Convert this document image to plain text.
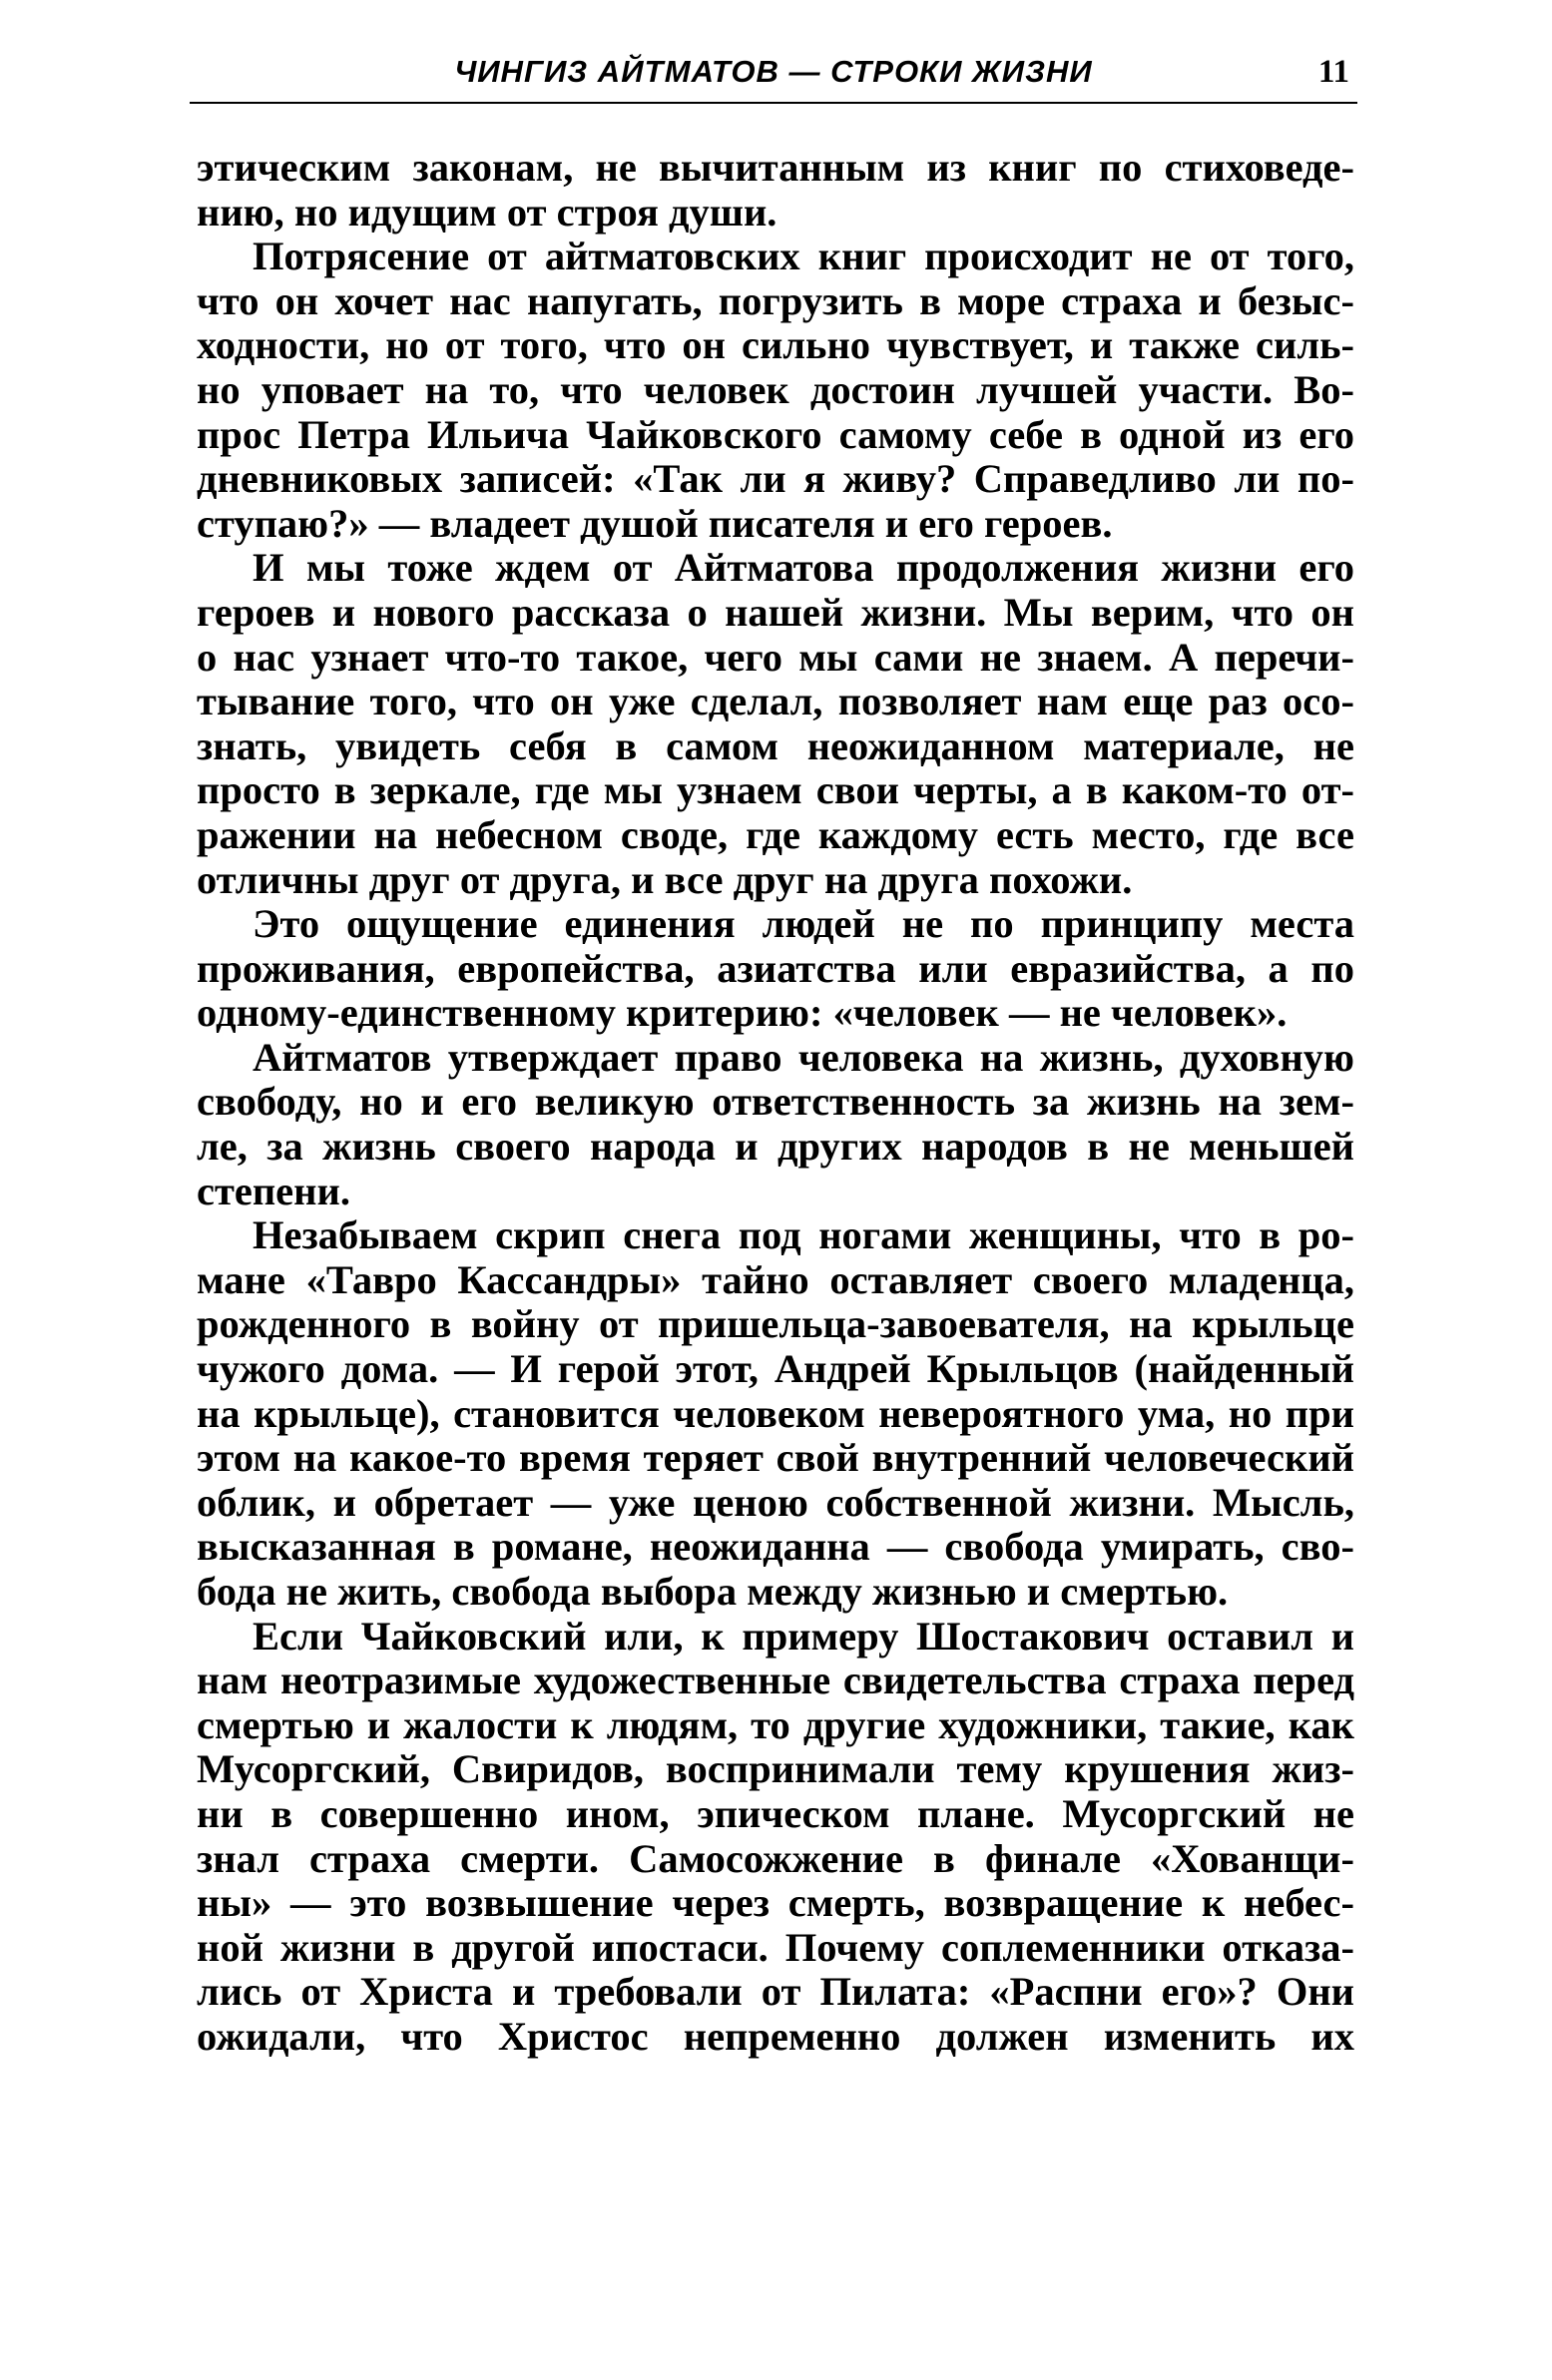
ЧИНГИЗ АЙТМАТОВ — СТРОКИ ЖИЗНИ	11
этическим законам, не вычитанным из книг по стиховеде-
нию, но идущим от строя души.
Потрясение от айтматовских книг происходит не от того,
что он хочет нас напугать, погрузить в море страха и безыс-
ходности, но от того, что он сильно чувствует, и также силь-
но уповает на то, что человек достоин лучшей участи. Во-
прос Петра Ильича Чайковского самому себе в одной из его
дневниковых записей: «Так ли я живу? Справедливо ли по-
ступаю?» — владеет душой писателя и его героев.
И мы тоже ждем от Айтматова продолжения жизни его
героев и нового рассказа о нашей жизни. Мы верим, что он
о нас узнает что-то такое, чего мы сами не знаем. А перечи-
тывание того, что он уже сделал, позволяет нам еще раз осо-
знать, увидеть себя в самом неожиданном материале, не
просто в зеркале, где мы узнаем свои черты, а в каком-то от-
ражении на небесном своде, где каждому есть место, где все
отличны друг от друга, и все друг на друга похожи.
Это ощущение единения людей не по принципу места
проживания, европейства, азиатства или евразийства, а по
одному-единственному критерию: «человек — не человек».
Айтматов утверждает право человека на жизнь, духовную
свободу, но и его великую ответственность за жизнь на зем-
ле, за жизнь своего народа и других народов в не меньшей
степени.
Незабываем скрип снега под ногами женщины, что в ро-
мане «Тавро Кассандры» тайно оставляет своего младенца,
рожденного в войну от пришельца-завоевателя, на крыльце
чужого дома. — И герой этот, Андрей Крыльцов (найденный
на крыльце), становится человеком невероятного ума, но при
этом на какое-то время теряет свой внутренний человеческий
облик, и обретает — уже ценою собственной жизни. Мысль,
высказанная в романе, неожиданна — свобода умирать, сво-
бода не жить, свобода выбора между жизнью и смертью.
Если Чайковский или, к примеру Шостакович оставил и
нам неотразимые художественные свидетельства страха перед
смертью и жалости к людям, то другие художники, такие, как
Мусоргский, Свиридов, воспринимали тему крушения жиз-
ни в совершенно ином, эпическом плане. Мусоргский не
знал страха смерти. Самосожжение в финале «Хованщи-
ны» — это возвышение через смерть, возвращение к небес-
ной жизни в другой ипостаси. Почему соплеменники отказа-
лись от Христа и требовали от Пилата: «Распни его»? Они
ожидали, что Христос непременно должен изменить их
